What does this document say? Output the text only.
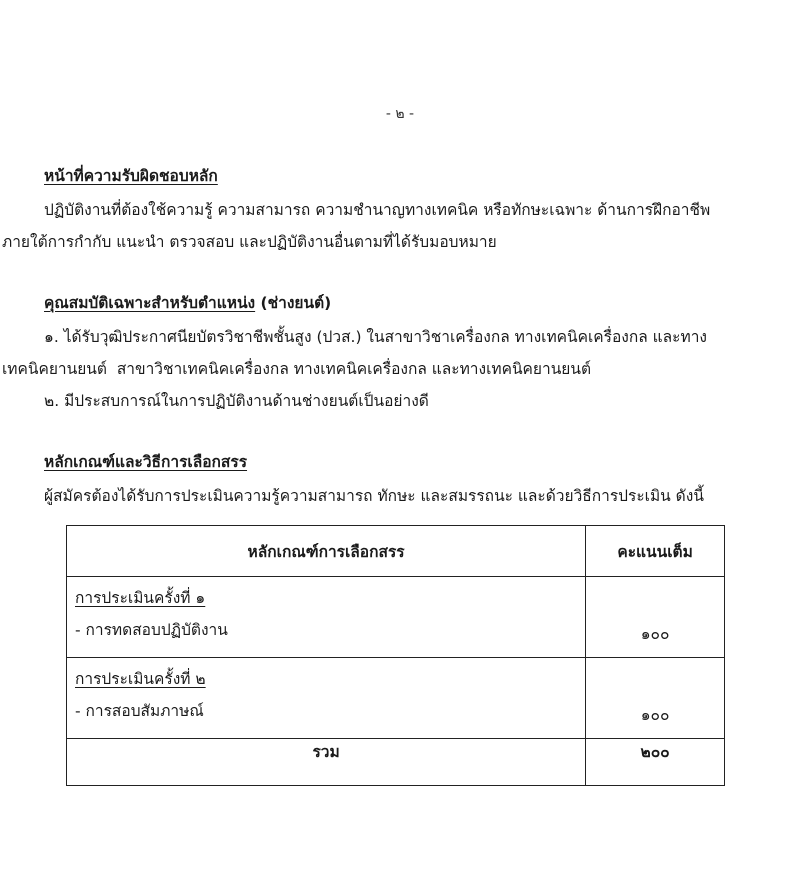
- ๒ -
หน้าที่ความรับผิดชอบหลัก
ปฏิบัติงานที่ต้องใช้ความรู้ ความสามารถ ความชำนาญทางเทคนิค หรือทักษะเฉพาะ ด้านการฝึกอาชีพ
ภายใต้การกำกับ แนะนำ ตรวจสอบ และปฏิบัติงานอื่นตามที่ได้รับมอบหมาย
คุณสมบัติเฉพาะสำหรับตำแหน่ง (ช่างยนต์)
๑. ได้รับวุฒิประกาศนียบัตรวิชาชีพชั้นสูง (ปวส.) ในสาขาวิชาเครื่องกล ทางเทคนิคเครื่องกล และทาง
เทคนิคยานยนต์  สาขาวิชาเทคนิคเครื่องกล ทางเทคนิคเครื่องกล และทางเทคนิคยานยนต์
๒. มีประสบการณ์ในการปฏิบัติงานด้านช่างยนต์เป็นอย่างดี
หลักเกณฑ์และวิธีการเลือกสรร
ผู้สมัครต้องได้รับการประเมินความรู้ความสามารถ ทักษะ และสมรรถนะ และด้วยวิธีการประเมิน ดังนี้
หลักเกณฑ์การเลือกสรร	คะแนนเต็ม

การประเมินครั้งที่ ๑
- การทดสอบปฏิบัติงาน	๑๐๐

การประเมินครั้งที่ ๒
- การสอบสัมภาษณ์	๑๐๐

รวม	๒๐๐
